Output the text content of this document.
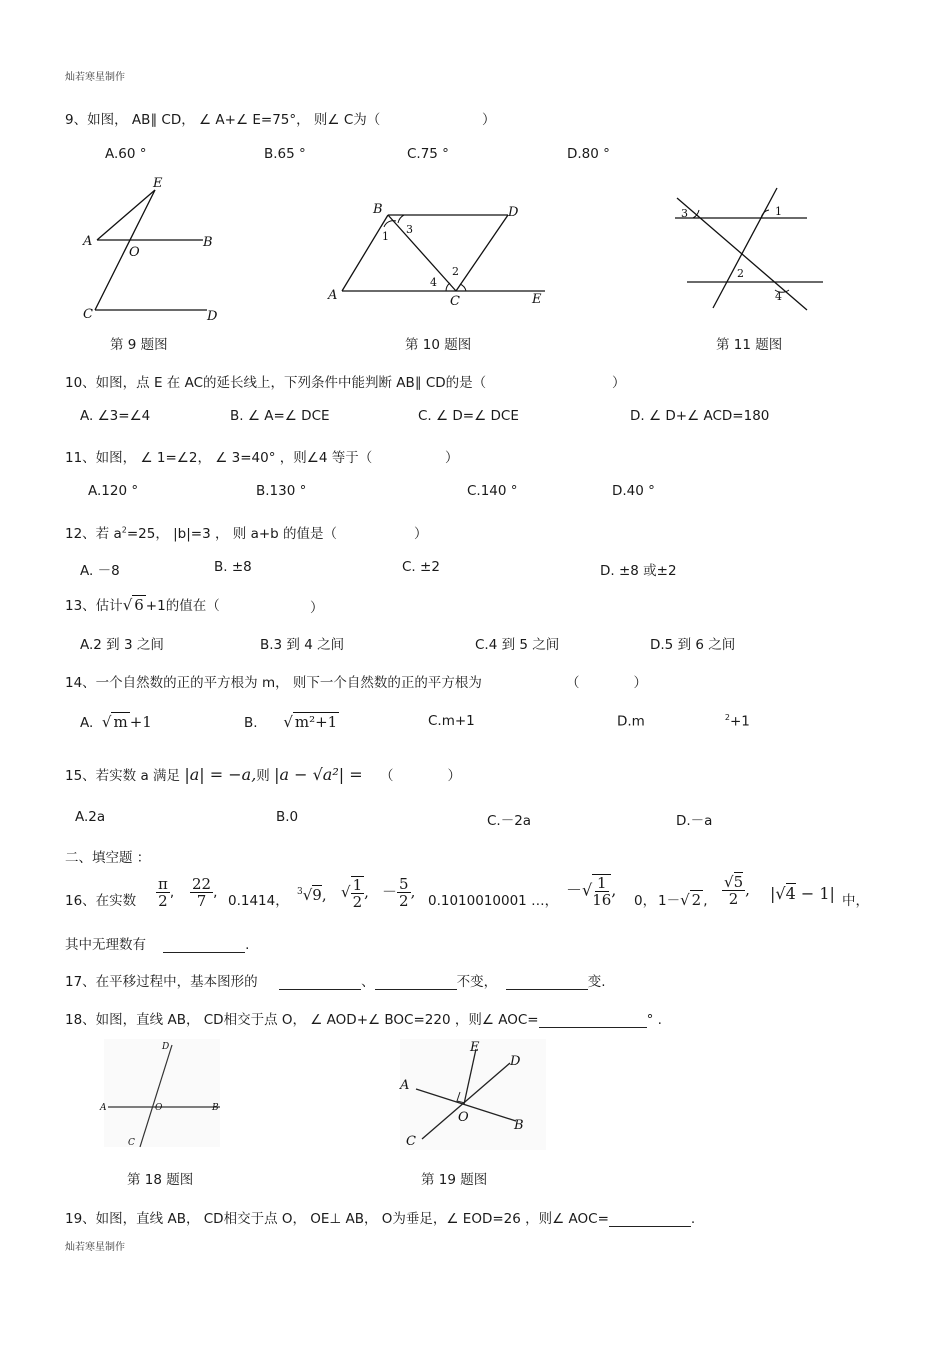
灿若寒星制作
9、如图， AB∥ CD， ∠ A+∠ E=75°， 则∠ C为（	）
A.60 °	B.65 °	C.75 °	D.80 °
E
A	B
O
C	D
第 9 题图
B	D
A	C	E
1
3
2
4
第 10 题图
3	1
2
4
第 11 题图
10、如图，点 E 在 AC的延长线上，下列条件中能判断 AB∥ CD的是（	）
A. ∠3=∠4	B. ∠ A=∠ DCE	C. ∠ D=∠ DCE	D. ∠ D+∠ ACD=180
11、如图， ∠ 1=∠2， ∠ 3=40° ，则∠4 等于（	）
A.120 °	B.130 °	C.140 °	D.40 °
12、若 $a^2=25$， |b|=3 ， 则 a+b 的值是（	）
A. －8	B. ±8	C. ±2	D. ±8 或±2
13、估计√ 6 +1的值在（	）
A.2 到 3 之间	B.3 到 4 之间	C.4 到 5 之间	D.5 到 6 之间
14、一个自然数的正的平方根为 m， 则下一个自然数的正的平方根为	（　　　　）
A. √ m +1	B. √ m²+1	C.m+1	D.m	$^2$+1
15、若实数 a 满足 |a| = −a,则 |a − √a²| = （　　　　）
A.2a	B.0	C.－2a	D.－a
二、填空题 ：
16、在实数 $\frac{\pi}{2}$ , $\frac{22}{7}$ ,
0.1414，
$^3$√9, √ $\frac{1}{2}$ , － $\frac{5}{2}$ ,
0.1010010001 …，
－√ $\frac{1}{16}$ ,
0， 1－√ 2 , $\frac{√5}{2}$ , |√4 − 1| 中，
其中无理数有	.
17、在平移过程中，基本图形的	、	不变，	变.
18、如图，直线 AB， CD相交于点 O， ∠ AOD+∠ BOC=220 ，则∠ AOC=	° .
D
A	O	B
C
第 18 题图
E
D
A
O
B
C
第 19 题图
19、如图，直线 AB， CD相交于点 O， OE⊥ AB， O为垂足，∠ EOD=26 ，则∠ AOC=	.
灿若寒星制作
